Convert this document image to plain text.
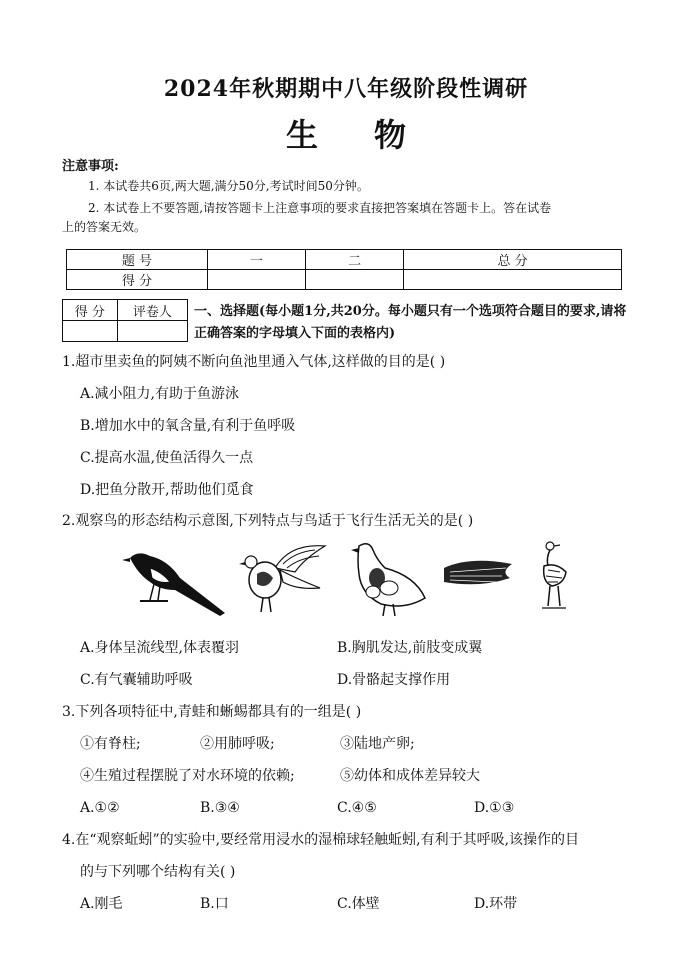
2024年秋期期中八年级阶段性调研
生 物
注意事项:
1. 本试卷共6页,两大题,满分50分,考试时间50分钟。
2. 本试卷上不要答题,请按答题卡上注意事项的要求直接把答案填在答题卡上。答在试卷
上的答案无效。
题 号	一	二	总 分
得 分			
得 分	评卷人
	一、选择题(每小题1分,共20分。每小题只有一个选项符合题目的要求,请将正确答案的字母填入下面的表格内)
1.超市里卖鱼的阿姨不断向鱼池里通入气体,这样做的目的是( )
A.减小阻力,有助于鱼游泳
B.增加水中的氧含量,有利于鱼呼吸
C.提高水温,使鱼活得久一点
D.把鱼分散开,帮助他们觅食
2.观察鸟的形态结构示意图,下列特点与鸟适于飞行生活无关的是( )
A.身体呈流线型,体表覆羽	B.胸肌发达,前肢变成翼
C.有气囊辅助呼吸	D.骨骼起支撑作用
3.下列各项特征中,青蛙和蜥蜴都具有的一组是( )
①有脊柱;	②用肺呼吸;	③陆地产卵;
④生殖过程摆脱了对水环境的依赖;	⑤幼体和成体差异较大
A.①②	B.③④	C.④⑤	D.①③
4.在“观察蚯蚓”的实验中,要经常用浸水的湿棉球轻触蚯蚓,有利于其呼吸,该操作的目
的与下列哪个结构有关( )
A.刚毛	B.口	C.体壁	D.环带
